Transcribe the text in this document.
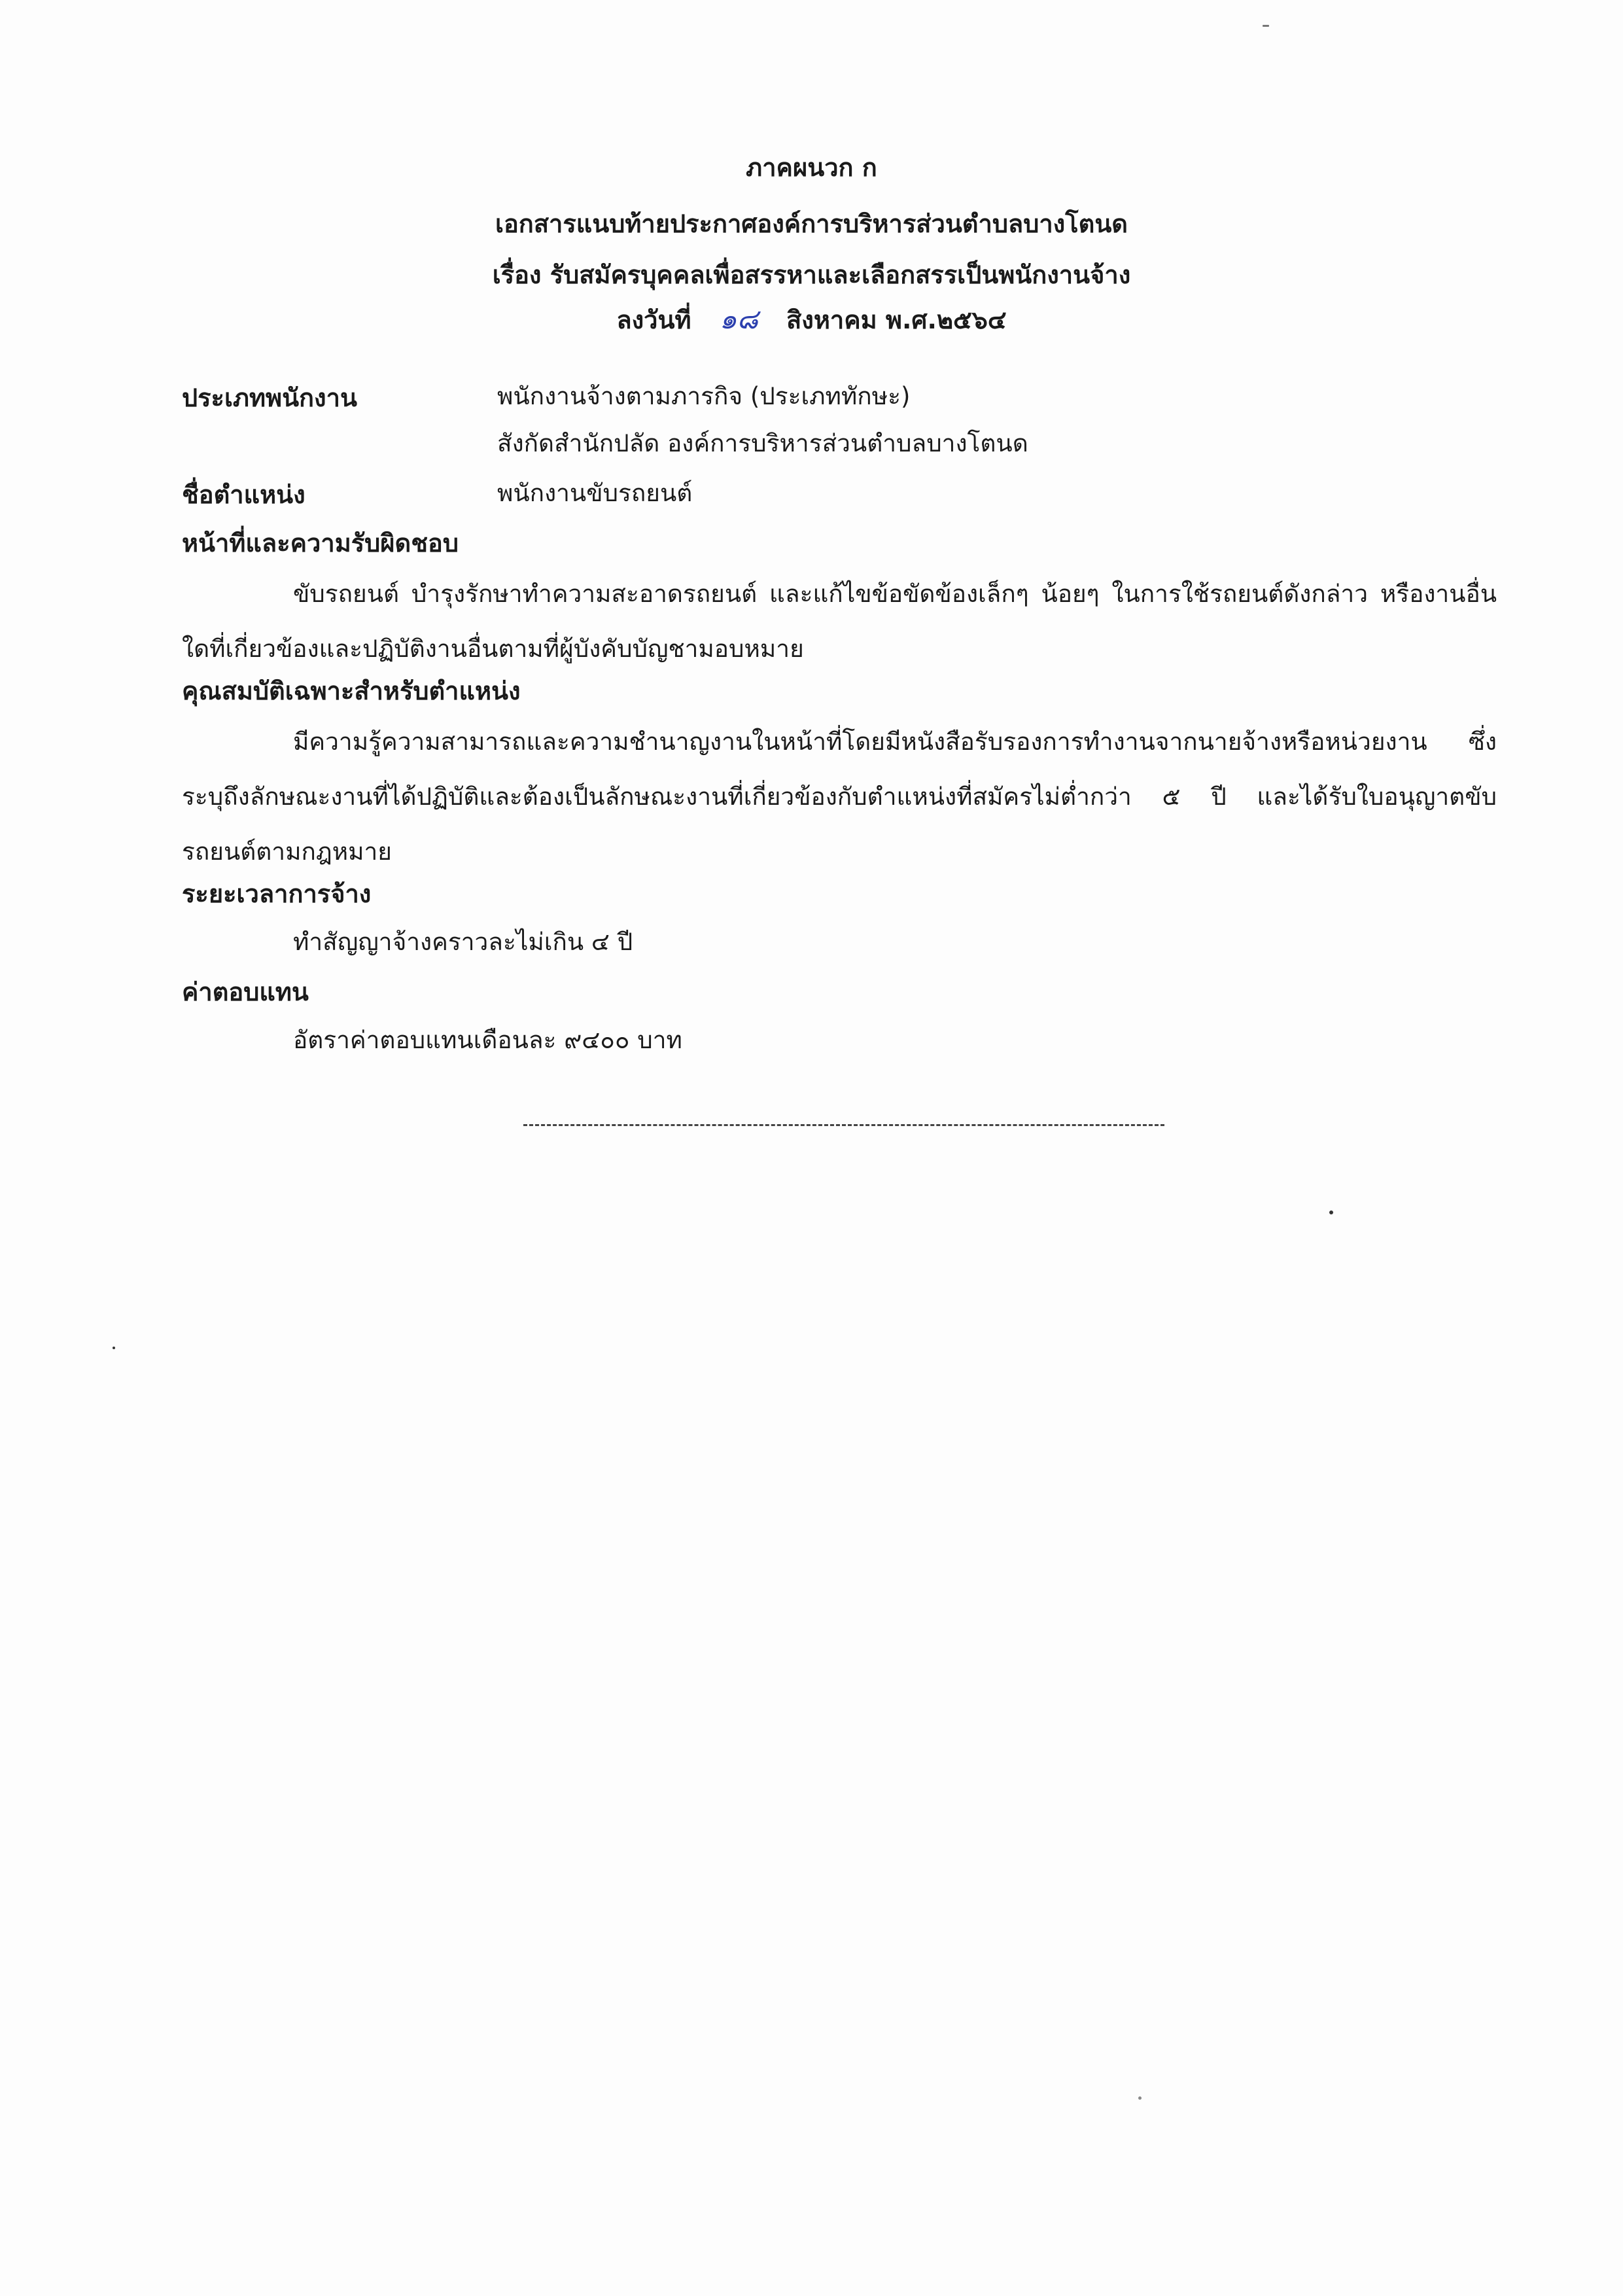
ภาคผนวก ก
เอกสารแนบท้ายประกาศองค์การบริหารส่วนตำบลบางโตนด
เรื่อง รับสมัครบุคคลเพื่อสรรหาและเลือกสรรเป็นพนักงานจ้าง
ลงวันที่ ๑๘ สิงหาคม พ.ศ.๒๕๖๔
ประเภทพนักงาน	พนักงานจ้างตามภารกิจ (ประเภททักษะ)
สังกัดสำนักปลัด องค์การบริหารส่วนตำบลบางโตนด
ชื่อตำแหน่ง	พนักงานขับรถยนต์
หน้าที่และความรับผิดชอบ

ขับรถยนต์ บำรุงรักษาทำความสะอาดรถยนต์ และแก้ไขข้อขัดข้องเล็กๆ น้อยๆ ในการใช้รถยนต์ดังกล่าว หรืองานอื่นใดที่เกี่ยวข้องและปฏิบัติงานอื่นตามที่ผู้บังคับบัญชามอบหมาย

คุณสมบัติเฉพาะสำหรับตำแหน่ง

มีความรู้ความสามารถและความชำนาญงานในหน้าที่โดยมีหนังสือรับรองการทำงานจากนายจ้างหรือหน่วยงาน ซึ่งระบุถึงลักษณะงานที่ได้ปฏิบัติและต้องเป็นลักษณะงานที่เกี่ยวข้องกับตำแหน่งที่สมัครไม่ต่ำกว่า ๕ ปี และได้รับใบอนุญาตขับรถยนต์ตามกฎหมาย

ระยะเวลาการจ้าง
ทำสัญญาจ้างคราวละไม่เกิน ๔ ปี
ค่าตอบแทน
อัตราค่าตอบแทนเดือนละ ๙๔๐๐ บาท
